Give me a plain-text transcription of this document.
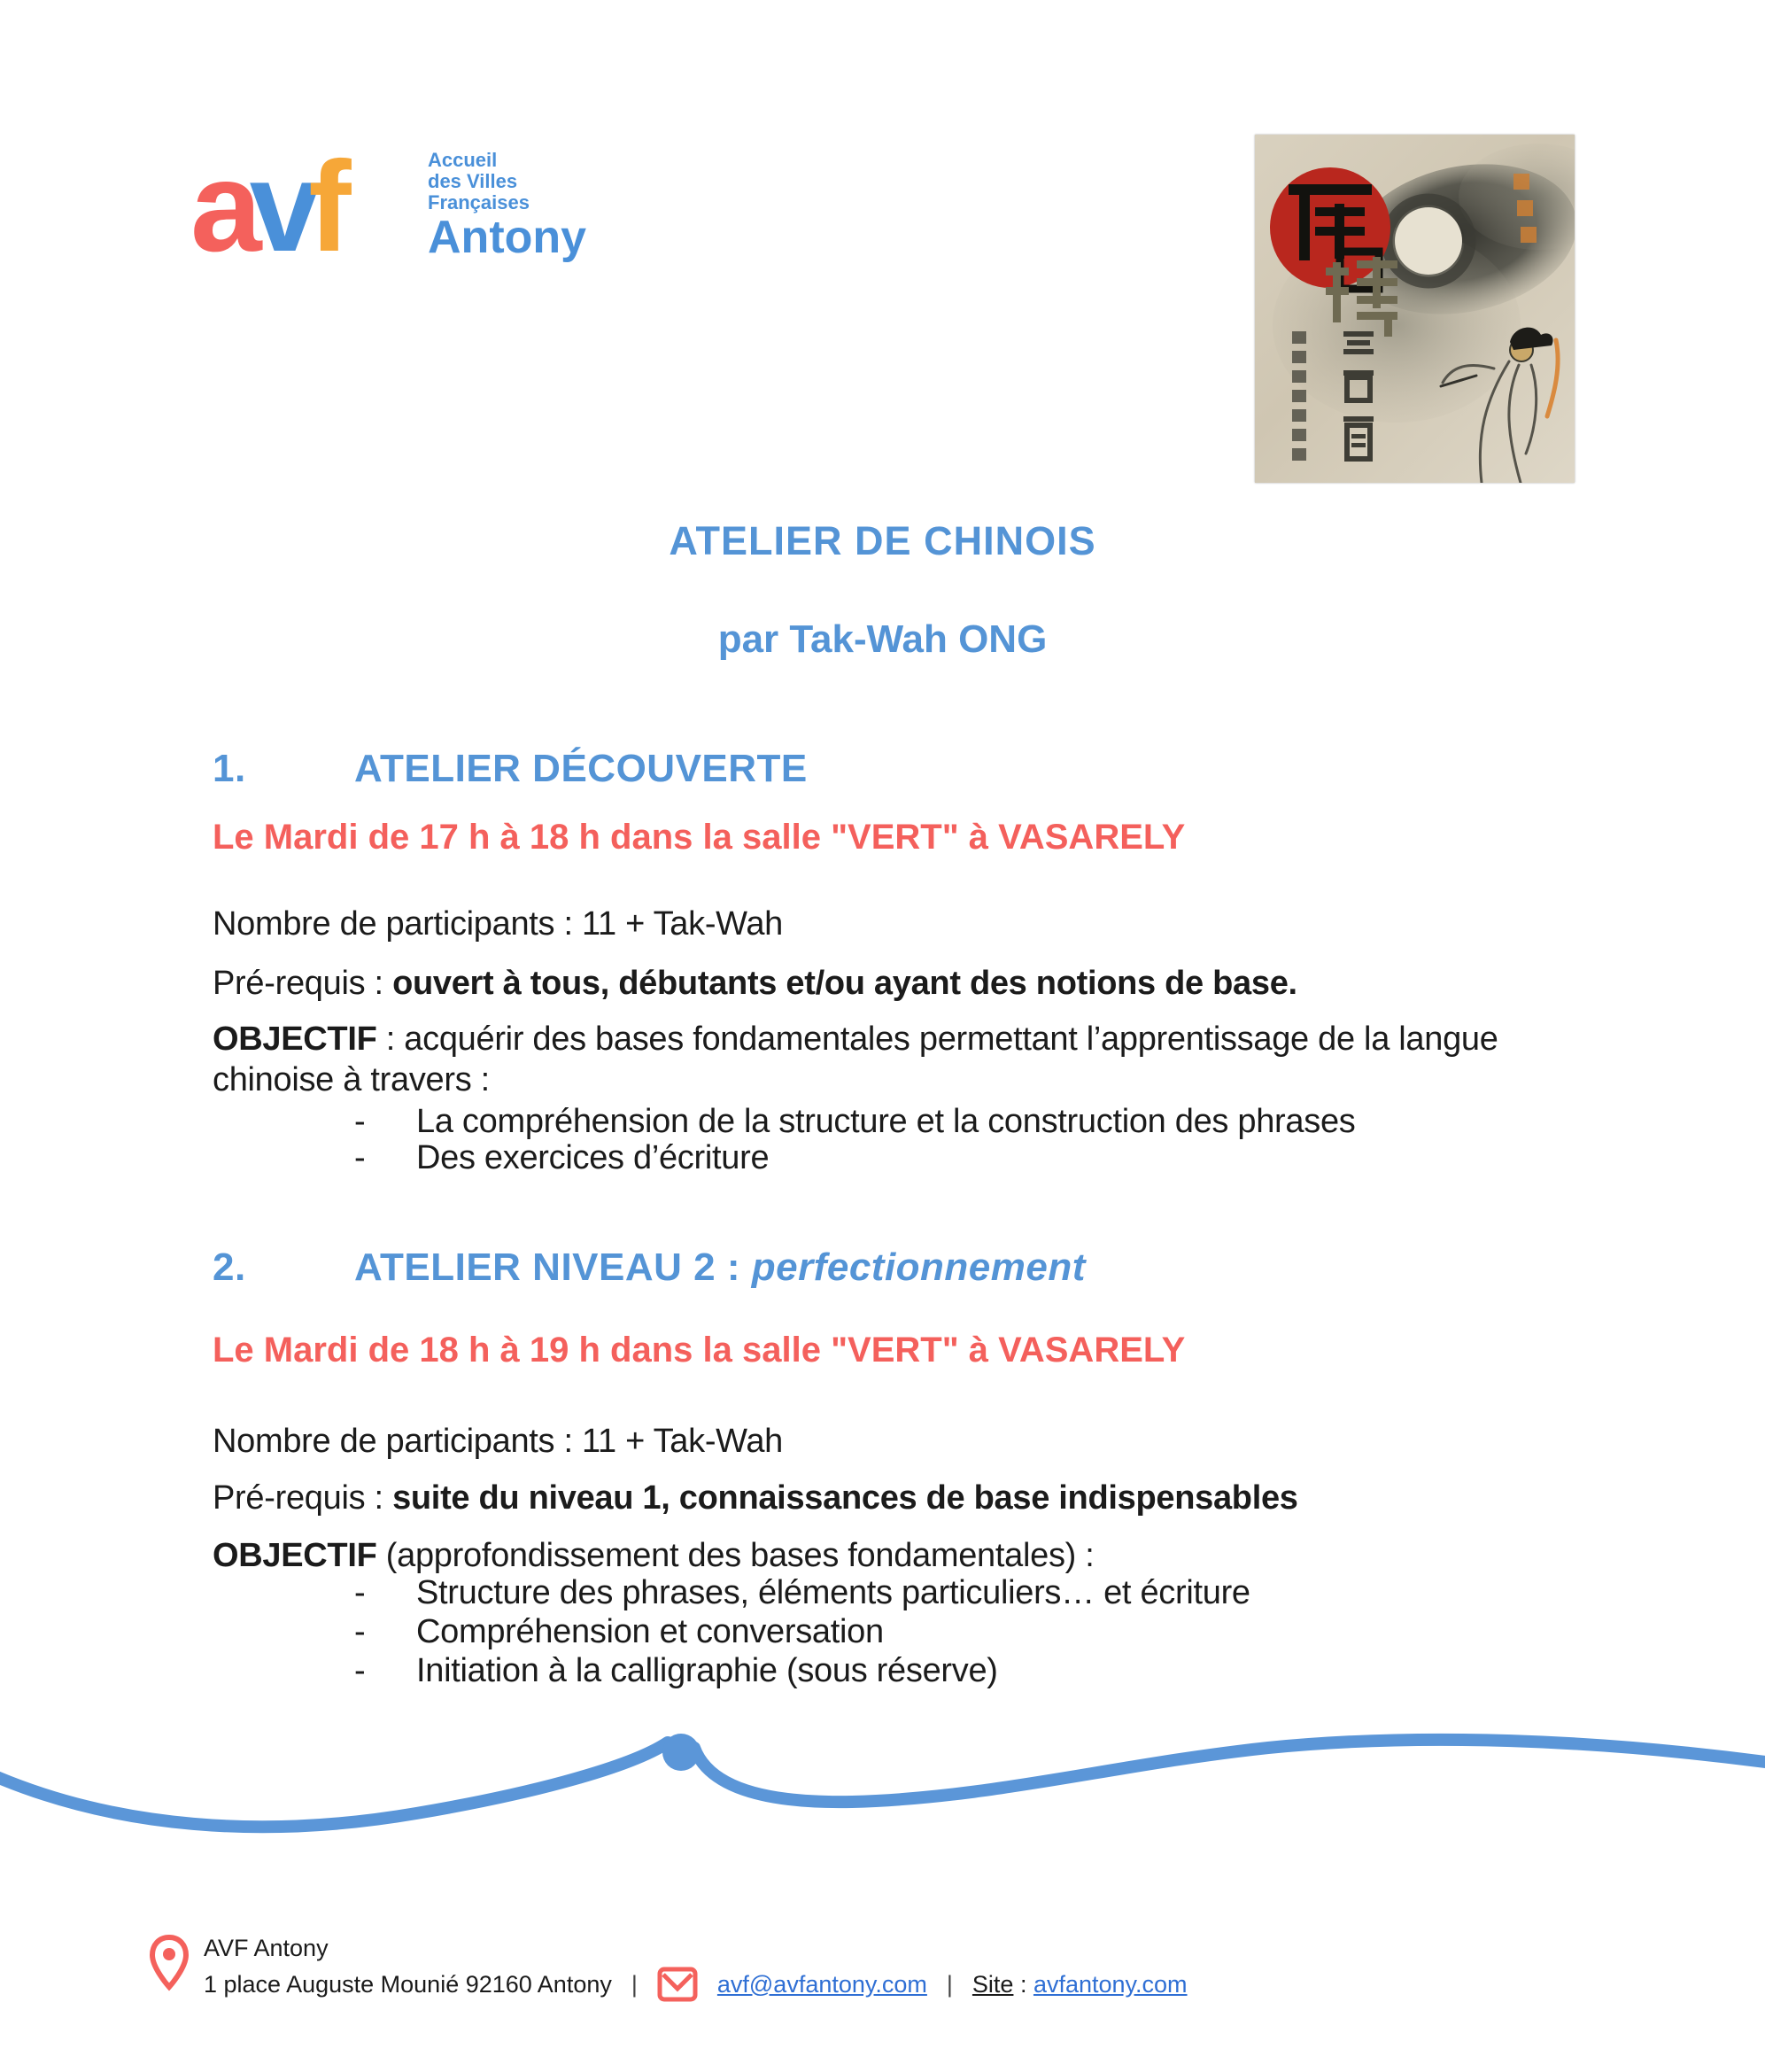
avf	Accueil
des Villes
Françaises
Antony
ATELIER DE CHINOIS
par Tak-Wah ONG
1.	ATELIER DÉCOUVERTE
Le Mardi de 17 h à 18 h dans la salle "VERT" à VASARELY
Nombre de participants : 11 + Tak-Wah
Pré-requis : ouvert à tous, débutants et/ou ayant des notions de base.
OBJECTIF : acquérir des bases fondamentales permettant l’apprentissage de la langue chinoise à travers :
-	La compréhension de la structure et la construction des phrases
-	Des exercices d’écriture
2.	ATELIER NIVEAU 2 : perfectionnement
Le Mardi de 18 h à 19 h dans la salle "VERT" à VASARELY
Nombre de participants : 11 + Tak-Wah
Pré-requis : suite du niveau 1, connaissances de base indispensables
OBJECTIF (approfondissement des bases fondamentales) :
-	Structure des phrases, éléments particuliers… et écriture
-	Compréhension et conversation
-	Initiation à la calligraphie (sous réserve)
AVF Antony
1 place Auguste Mounié 92160 Antony |	avf@avfantony.com | Site : avfantony.com
